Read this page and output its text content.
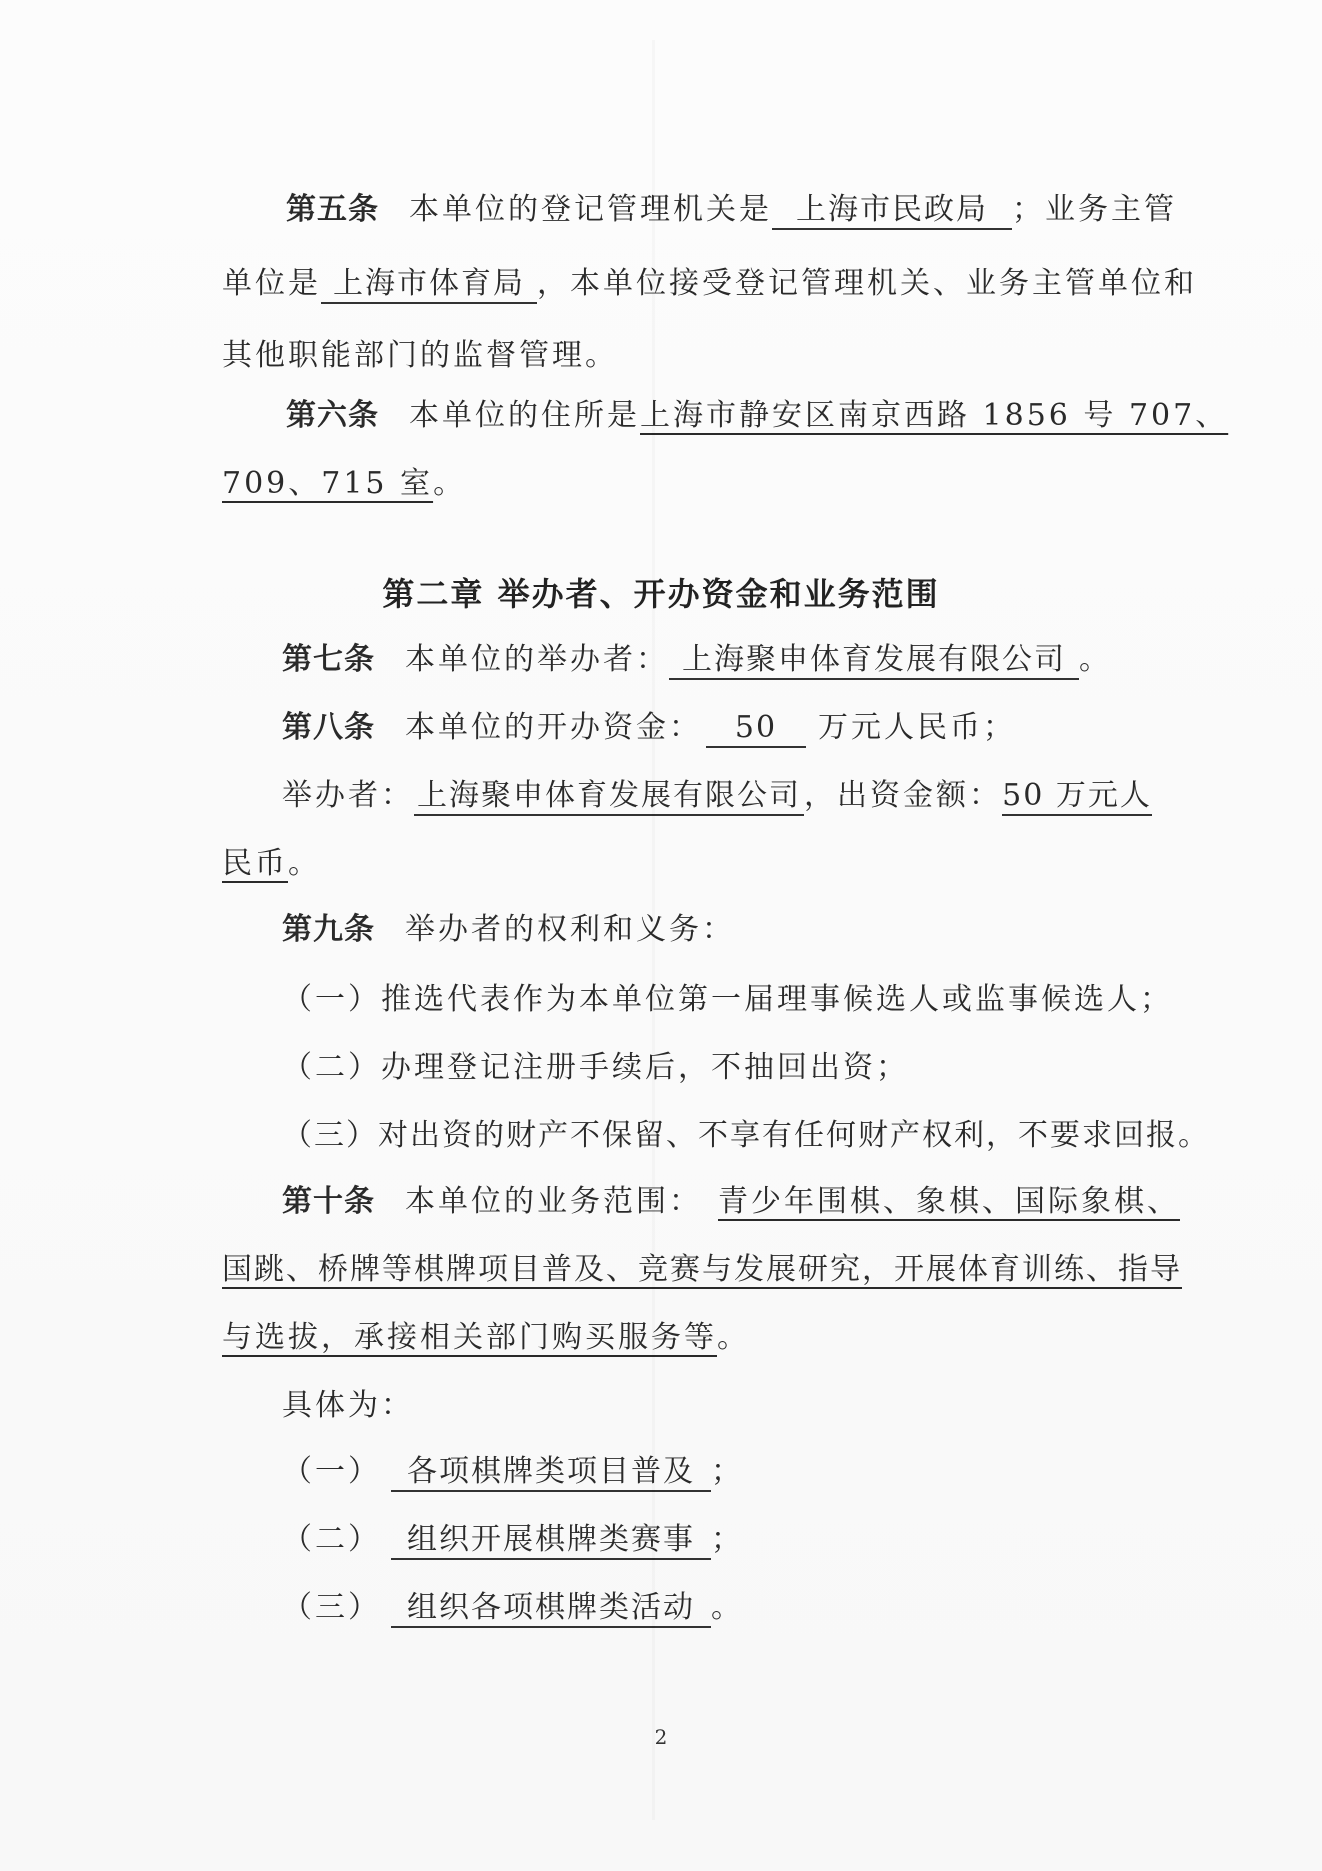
第五条 本单位的登记管理机关是 上海市民政局 ；业务主管
单位是 上海市体育局 ，本单位接受登记管理机关、业务主管单位和
其他职能部门的监督管理。
第六条 本单位的住所是上海市静安区南京西路 1856 号 707、
709、715 室。
第二章 举办者、开办资金和业务范围
第七条 本单位的举办者： 上海聚申体育发展有限公司 。
第八条 本单位的开办资金： 50 万元人民币；
举办者： 上海聚申体育发展有限公司 ，出资金额：50 万元人
民币。
第九条 举办者的权利和义务：
（一）推选代表作为本单位第一届理事候选人或监事候选人；
（二）办理登记注册手续后，不抽回出资；
（三）对出资的财产不保留、不享有任何财产权利，不要求回报。
第十条 本单位的业务范围： 青少年围棋、象棋、国际象棋、
国跳、桥牌等棋牌项目普及、竞赛与发展研究，开展体育训练、指导
与选拔，承接相关部门购买服务等。
具体为：
（一） 各项棋牌类项目普及 ；
（二） 组织开展棋牌类赛事 ；
（三） 组织各项棋牌类活动 。
2
